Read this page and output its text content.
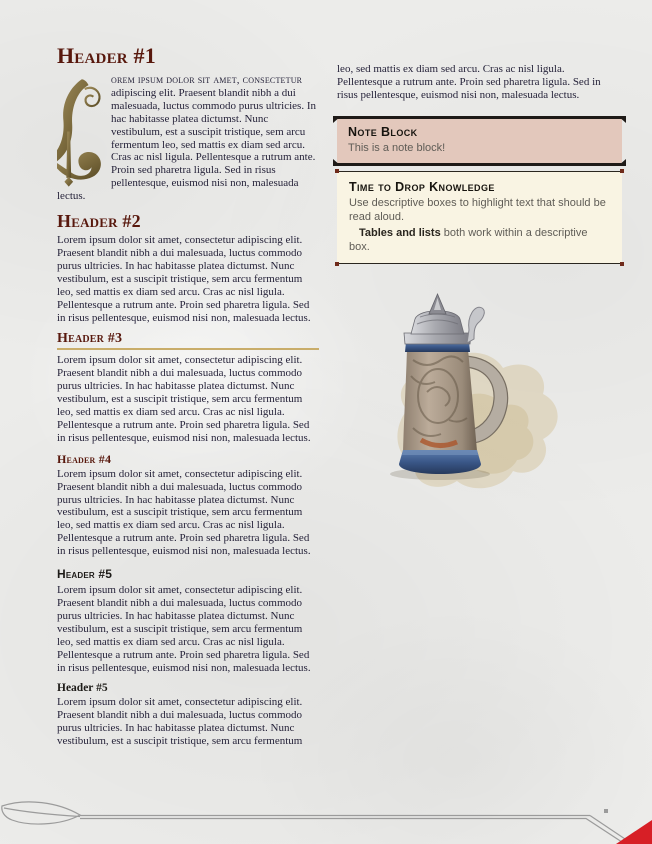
Header #1

orem ipsum dolor sit amet, consectetur adipiscing elit. Praesent blandit nibh a dui malesuada, luctus commodo purus ultricies. In hac habitasse platea dictumst. Nunc vestibulum, est a suscipit tristique, sem arcu fermentum leo, sed mattis ex diam sed arcu. Cras ac nisl ligula. Pellentesque a rutrum ante. Proin sed pharetra ligula. Sed in risus pellentesque, euismod nisi non, malesuada lectus.

Header #2

Lorem ipsum dolor sit amet, consectetur adipiscing elit. Praesent blandit nibh a dui malesuada, luctus commodo purus ultricies. In hac habitasse platea dictumst. Nunc vestibulum, est a suscipit tristique, sem arcu fermentum leo, sed mattis ex diam sed arcu. Cras ac nisl ligula. Pellentesque a rutrum ante. Proin sed pharetra ligula. Sed in risus pellentesque, euismod nisi non, malesuada lectus.

Header #3

Lorem ipsum dolor sit amet, consectetur adipiscing elit. Praesent blandit nibh a dui malesuada, luctus commodo purus ultricies. In hac habitasse platea dictumst. Nunc vestibulum, est a suscipit tristique, sem arcu fermentum leo, sed mattis ex diam sed arcu. Cras ac nisl ligula. Pellentesque a rutrum ante. Proin sed pharetra ligula. Sed in risus pellentesque, euismod nisi non, malesuada lectus.

Header #4

Lorem ipsum dolor sit amet, consectetur adipiscing elit. Praesent blandit nibh a dui malesuada, luctus commodo purus ultricies. In hac habitasse platea dictumst. Nunc vestibulum, est a suscipit tristique, sem arcu fermentum leo, sed mattis ex diam sed arcu. Cras ac nisl ligula. Pellentesque a rutrum ante. Proin sed pharetra ligula. Sed in risus pellentesque, euismod nisi non, malesuada lectus.

Header #5

Lorem ipsum dolor sit amet, consectetur adipiscing elit. Praesent blandit nibh a dui malesuada, luctus commodo purus ultricies. In hac habitasse platea dictumst. Nunc vestibulum, est a suscipit tristique, sem arcu fermentum leo, sed mattis ex diam sed arcu. Cras ac nisl ligula. Pellentesque a rutrum ante. Proin sed pharetra ligula. Sed in risus pellentesque, euismod nisi non, malesuada lectus.

Header #5

Lorem ipsum dolor sit amet, consectetur adipiscing elit. Praesent blandit nibh a dui malesuada, luctus commodo purus ultricies. In hac habitasse platea dictumst. Nunc vestibulum, est a suscipit tristique, sem arcu fermentum

leo, sed mattis ex diam sed arcu. Cras ac nisl ligula. Pellentesque a rutrum ante. Proin sed pharetra ligula. Sed in risus pellentesque, euismod nisi non, malesuada lectus.

Note Block

This is a note block!

Time to Drop Knowledge

Use descriptive boxes to highlight text that should be read aloud.

Tables and lists both work within a descriptive box.
